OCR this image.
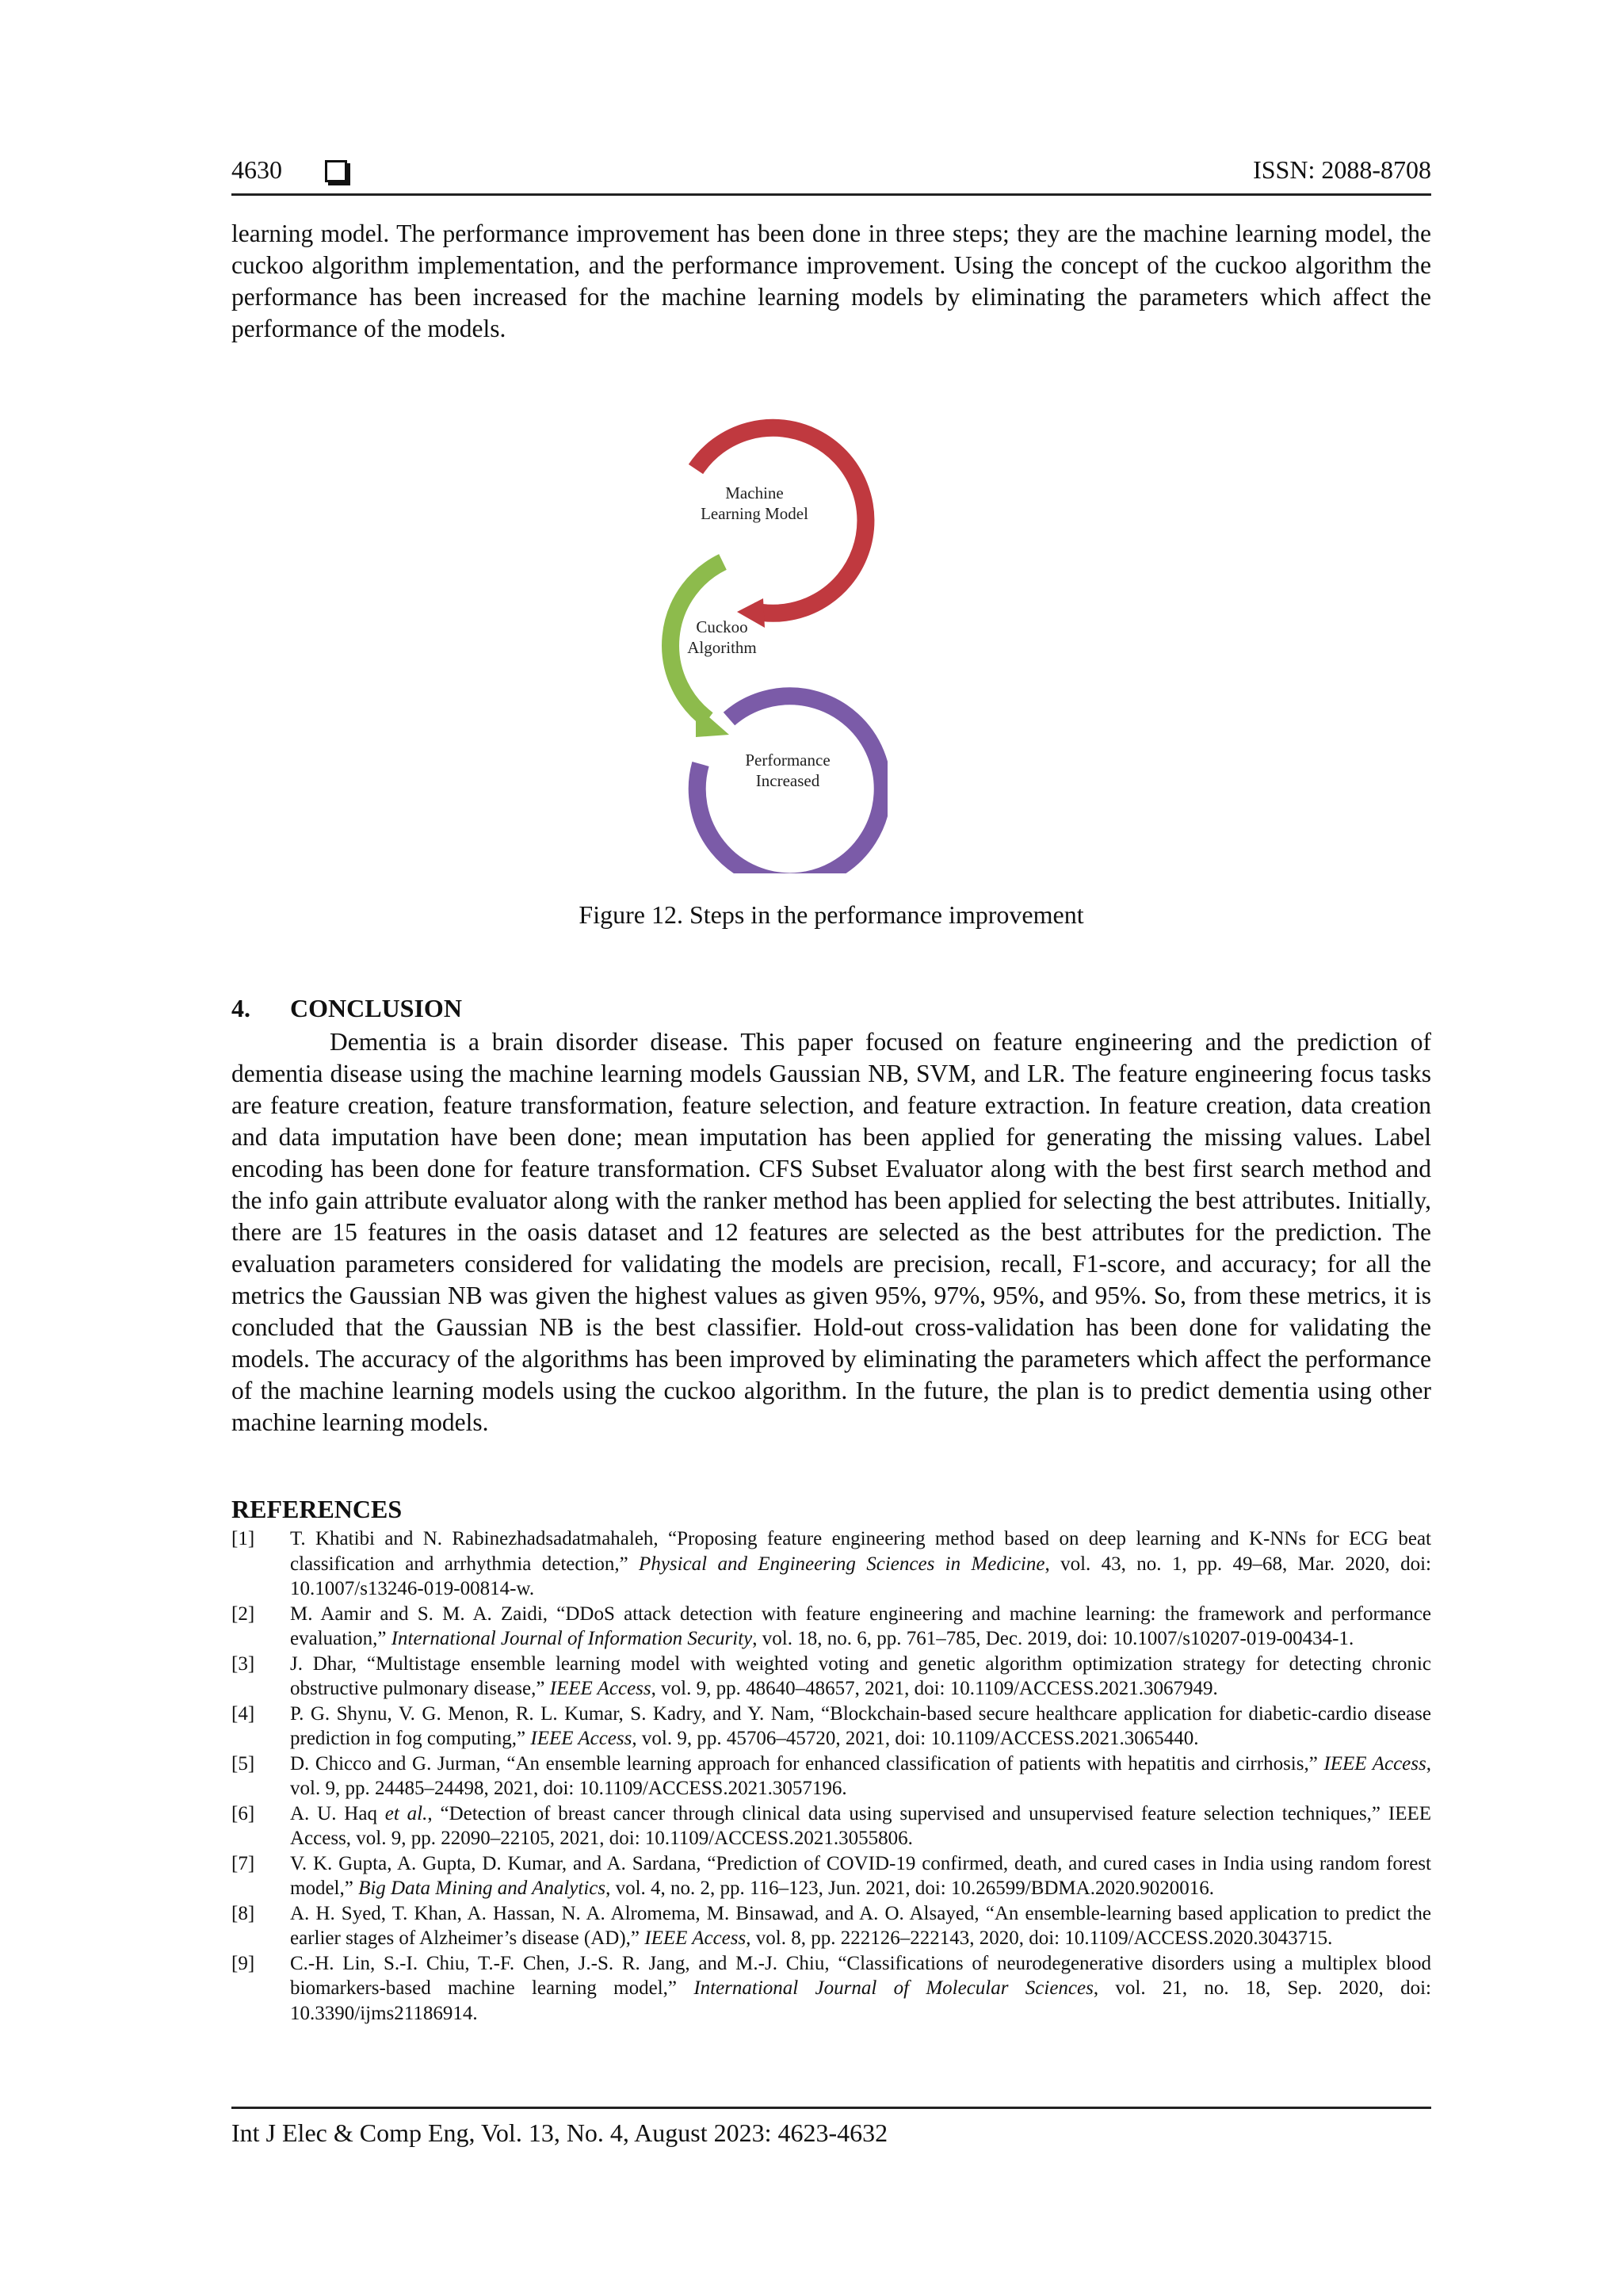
4630	ISSN: 2088-8708

learning model. The performance improvement has been done in three steps; they are the machine learning model, the cuckoo algorithm implementation, and the performance improvement. Using the concept of the cuckoo algorithm the performance has been increased for the machine learning models by eliminating the parameters which affect the performance of the models.

Machine
Learning Model
Cuckoo
Algorithm
Performance
Increased
Figure 12. Steps in the performance improvement
4. CONCLUSION

Dementia is a brain disorder disease. This paper focused on feature engineering and the prediction of dementia disease using the machine learning models Gaussian NB, SVM, and LR. The feature engineering focus tasks are feature creation, feature transformation, feature selection, and feature extraction. In feature creation, data creation and data imputation have been done; mean imputation has been applied for generating the missing values. Label encoding has been done for feature transformation. CFS Subset Evaluator along with the best first search method and the info gain attribute evaluator along with the ranker method has been applied for selecting the best attributes. Initially, there are 15 features in the oasis dataset and 12 features are selected as the best attributes for the prediction. The evaluation parameters considered for validating the models are precision, recall, F1-score, and accuracy; for all the metrics the Gaussian NB was given the highest values as given 95%, 97%, 95%, and 95%. So, from these metrics, it is concluded that the Gaussian NB is the best classifier. Hold-out cross-validation has been done for validating the models. The accuracy of the algorithms has been improved by eliminating the parameters which affect the performance of the machine learning models using the cuckoo algorithm. In the future, the plan is to predict dementia using other machine learning models.

REFERENCES
[1]	T. Khatibi and N. Rabinezhadsadatmahaleh, “Proposing feature engineering method based on deep learning and K-NNs for ECG beat classification and arrhythmia detection,” Physical and Engineering Sciences in Medicine, vol. 43, no. 1, pp. 49–68, Mar. 2020, doi: 10.1007/s13246-019-00814-w.
[2]	M. Aamir and S. M. A. Zaidi, “DDoS attack detection with feature engineering and machine learning: the framework and performance evaluation,” International Journal of Information Security, vol. 18, no. 6, pp. 761–785, Dec. 2019, doi: 10.1007/s10207-019-00434-1.
[3]	J. Dhar, “Multistage ensemble learning model with weighted voting and genetic algorithm optimization strategy for detecting chronic obstructive pulmonary disease,” IEEE Access, vol. 9, pp. 48640–48657, 2021, doi: 10.1109/ACCESS.2021.3067949.
[4]	P. G. Shynu, V. G. Menon, R. L. Kumar, S. Kadry, and Y. Nam, “Blockchain-based secure healthcare application for diabetic-cardio disease prediction in fog computing,” IEEE Access, vol. 9, pp. 45706–45720, 2021, doi: 10.1109/ACCESS.2021.3065440.
[5]	D. Chicco and G. Jurman, “An ensemble learning approach for enhanced classification of patients with hepatitis and cirrhosis,” IEEE Access, vol. 9, pp. 24485–24498, 2021, doi: 10.1109/ACCESS.2021.3057196.
[6]	A. U. Haq et al., “Detection of breast cancer through clinical data using supervised and unsupervised feature selection techniques,” IEEE Access, vol. 9, pp. 22090–22105, 2021, doi: 10.1109/ACCESS.2021.3055806.
[7]	V. K. Gupta, A. Gupta, D. Kumar, and A. Sardana, “Prediction of COVID-19 confirmed, death, and cured cases in India using random forest model,” Big Data Mining and Analytics, vol. 4, no. 2, pp. 116–123, Jun. 2021, doi: 10.26599/BDMA.2020.9020016.
[8]	A. H. Syed, T. Khan, A. Hassan, N. A. Alromema, M. Binsawad, and A. O. Alsayed, “An ensemble-learning based application to predict the earlier stages of Alzheimer’s disease (AD),” IEEE Access, vol. 8, pp. 222126–222143, 2020, doi: 10.1109/ACCESS.2020.3043715.
[9]	C.-H. Lin, S.-I. Chiu, T.-F. Chen, J.-S. R. Jang, and M.-J. Chiu, “Classifications of neurodegenerative disorders using a multiplex blood biomarkers-based machine learning model,” International Journal of Molecular Sciences, vol. 21, no. 18, Sep. 2020, doi: 10.3390/ijms21186914.
Int J Elec & Comp Eng, Vol. 13, No. 4, August 2023: 4623-4632
